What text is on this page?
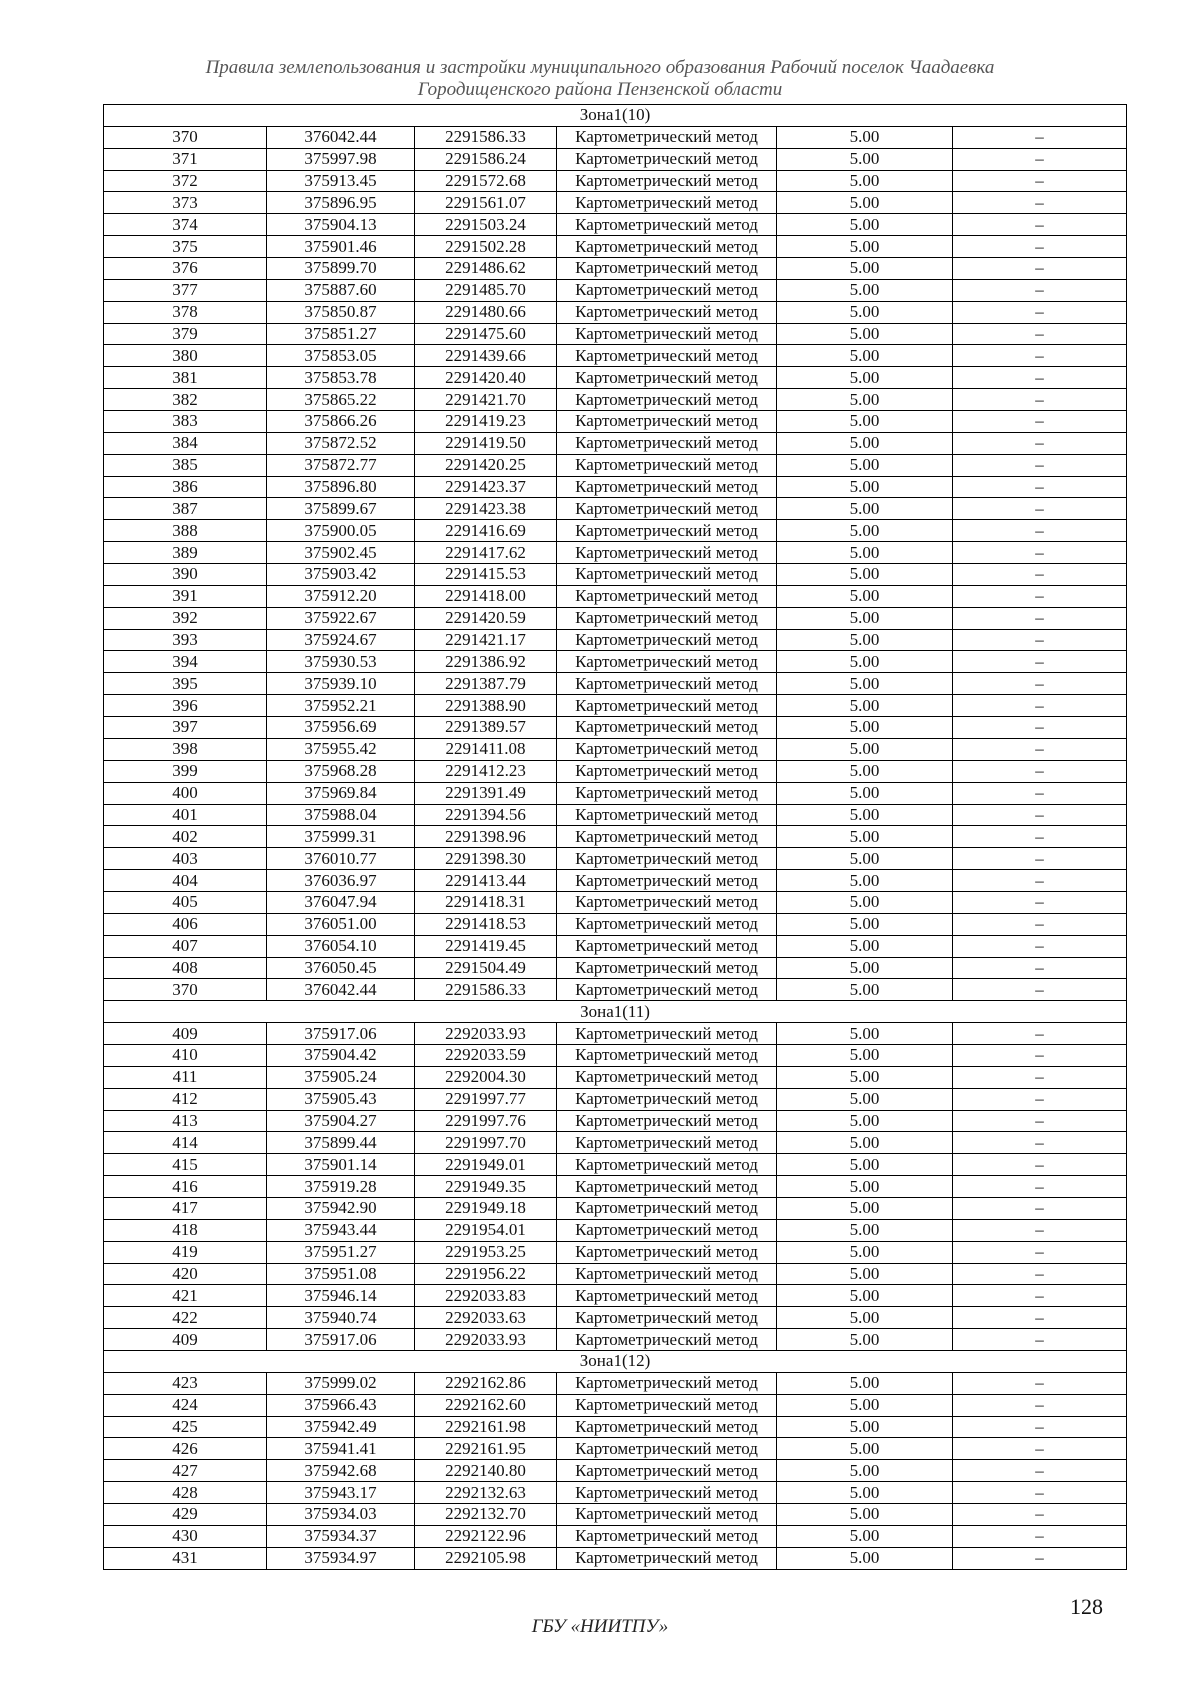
Правила землепользования и застройки муниципального образования Рабочий поселок Чаадаевка
Городищенского района Пензенской области
Зона1(10)					
370	376042.44	2291586.33	Картометрический метод	5.00	–
371	375997.98	2291586.24	Картометрический метод	5.00	–
372	375913.45	2291572.68	Картометрический метод	5.00	–
373	375896.95	2291561.07	Картометрический метод	5.00	–
374	375904.13	2291503.24	Картометрический метод	5.00	–
375	375901.46	2291502.28	Картометрический метод	5.00	–
376	375899.70	2291486.62	Картометрический метод	5.00	–
377	375887.60	2291485.70	Картометрический метод	5.00	–
378	375850.87	2291480.66	Картометрический метод	5.00	–
379	375851.27	2291475.60	Картометрический метод	5.00	–
380	375853.05	2291439.66	Картометрический метод	5.00	–
381	375853.78	2291420.40	Картометрический метод	5.00	–
382	375865.22	2291421.70	Картометрический метод	5.00	–
383	375866.26	2291419.23	Картометрический метод	5.00	–
384	375872.52	2291419.50	Картометрический метод	5.00	–
385	375872.77	2291420.25	Картометрический метод	5.00	–
386	375896.80	2291423.37	Картометрический метод	5.00	–
387	375899.67	2291423.38	Картометрический метод	5.00	–
388	375900.05	2291416.69	Картометрический метод	5.00	–
389	375902.45	2291417.62	Картометрический метод	5.00	–
390	375903.42	2291415.53	Картометрический метод	5.00	–
391	375912.20	2291418.00	Картометрический метод	5.00	–
392	375922.67	2291420.59	Картометрический метод	5.00	–
393	375924.67	2291421.17	Картометрический метод	5.00	–
394	375930.53	2291386.92	Картометрический метод	5.00	–
395	375939.10	2291387.79	Картометрический метод	5.00	–
396	375952.21	2291388.90	Картометрический метод	5.00	–
397	375956.69	2291389.57	Картометрический метод	5.00	–
398	375955.42	2291411.08	Картометрический метод	5.00	–
399	375968.28	2291412.23	Картометрический метод	5.00	–
400	375969.84	2291391.49	Картометрический метод	5.00	–
401	375988.04	2291394.56	Картометрический метод	5.00	–
402	375999.31	2291398.96	Картометрический метод	5.00	–
403	376010.77	2291398.30	Картометрический метод	5.00	–
404	376036.97	2291413.44	Картометрический метод	5.00	–
405	376047.94	2291418.31	Картометрический метод	5.00	–
406	376051.00	2291418.53	Картометрический метод	5.00	–
407	376054.10	2291419.45	Картометрический метод	5.00	–
408	376050.45	2291504.49	Картометрический метод	5.00	–
370	376042.44	2291586.33	Картометрический метод	5.00	–
Зона1(11)					
409	375917.06	2292033.93	Картометрический метод	5.00	–
410	375904.42	2292033.59	Картометрический метод	5.00	–
411	375905.24	2292004.30	Картометрический метод	5.00	–
412	375905.43	2291997.77	Картометрический метод	5.00	–
413	375904.27	2291997.76	Картометрический метод	5.00	–
414	375899.44	2291997.70	Картометрический метод	5.00	–
415	375901.14	2291949.01	Картометрический метод	5.00	–
416	375919.28	2291949.35	Картометрический метод	5.00	–
417	375942.90	2291949.18	Картометрический метод	5.00	–
418	375943.44	2291954.01	Картометрический метод	5.00	–
419	375951.27	2291953.25	Картометрический метод	5.00	–
420	375951.08	2291956.22	Картометрический метод	5.00	–
421	375946.14	2292033.83	Картометрический метод	5.00	–
422	375940.74	2292033.63	Картометрический метод	5.00	–
409	375917.06	2292033.93	Картометрический метод	5.00	–
Зона1(12)					
423	375999.02	2292162.86	Картометрический метод	5.00	–
424	375966.43	2292162.60	Картометрический метод	5.00	–
425	375942.49	2292161.98	Картометрический метод	5.00	–
426	375941.41	2292161.95	Картометрический метод	5.00	–
427	375942.68	2292140.80	Картометрический метод	5.00	–
428	375943.17	2292132.63	Картометрический метод	5.00	–
429	375934.03	2292132.70	Картометрический метод	5.00	–
430	375934.37	2292122.96	Картометрический метод	5.00	–
431	375934.97	2292105.98	Картометрический метод	5.00	–
128
ГБУ «НИИТПУ»
